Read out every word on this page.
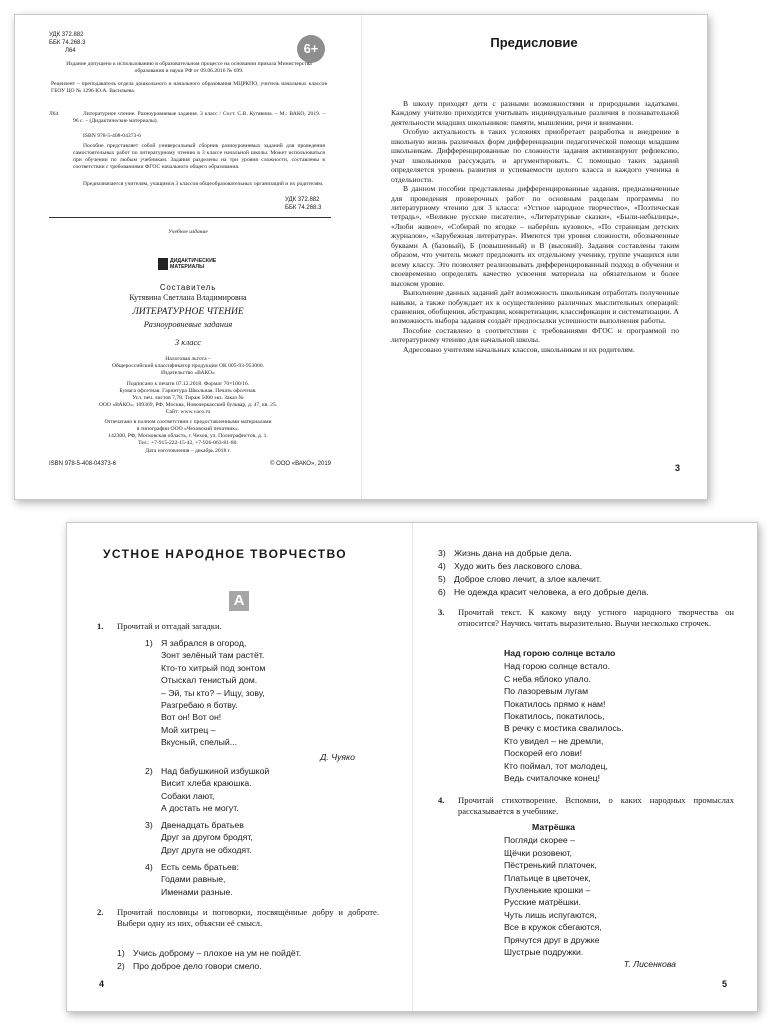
УДК 372.882
ББК 74.268.3
Л64	6+
Издание допущено к использованию в образовательном процессе на основании приказа Министерства образования и науки РФ от 09.06.2016 № 699.
Рецензент – преподаватель отдела дошкольного и начального образования МЦРКПО, учитель начальных классов ГБОУ ЦО № 1296 Ю.А. Васильева.
Л64	Литературное чтение. Разноуровневые задания. 3 класс / Сост. С.В. Кутявина. – М.: ВАКО, 2019. – 96 с. – (Дидактические материалы).
ISBN 978-5-408-04373-6
Пособие представляет собой универсальный сборник разноуровневых заданий для проведения самостоятельных работ по литературному чтению в 3 классе начальной школы. Может использоваться при обучении по любым учебникам. Задания разделены на три уровня сложности, составлены в соответствии с требованиями ФГОС начального общего образования.
Предназначается учителям, учащимся 3 классов общеобразовательных организаций и их родителям.
УДК 372.882
ББК 74.268.3
Учебное издание
ДИДАКТИЧЕСКИЕ
МАТЕРИАЛЫ
Составитель
Кутявина Светлана Владимировна
ЛИТЕРАТУРНОЕ ЧТЕНИЕ
Разноуровневые задания
3 класс
Налоговая льгота –
Общероссийский классификатор продукции ОК 005-93-953000.
Издательство «ВАКО»
Подписано к печати 07.12.2018. Формат 70×100/16.
Бумага офсетная. Гарнитура Школьная. Печать офсетная.
Усл. печ. листов 7,78. Тираж 5000 экз. Заказ №
ООО «ВАКО». 109369, РФ, Москва, Новочеркасский бульвар, д. 47, кв. 25.
Сайт: www.vaco.ru
Отпечатано в полном соответствии с предоставленными материалами
в типографии ООО «Чеховский печатник».
142300, РФ, Московская область, г. Чехов, ул. Полиграфистов, д. 1.
Тел.: +7-915-222-15-42, +7-926-063-81-80.
Дата изготовления – декабрь 2018 г.
ISBN 978-5-408-04373-6	© ООО «ВАКО», 2019
Предисловие

В школу приходят дети с разными возможностями и природными задатками. Каждому учителю приходится учитывать индивидуальные различия в познавательной деятельности младших школьников: памяти, мышлении, речи и внимании.

Особую актуальность в таких условиях приобретает разработка и внедрение в школьную жизнь различных форм дифференциации педагогической помощи младшим школьникам. Дифференцированные по сложности задания активизируют рефлексию, учат школьников рассуждать и аргументировать. С помощью таких заданий определяется уровень развития и успеваемости целого класса и каждого ученика в отдельности.

В данном пособии представлены дифференцированные задания, предназначенные для проведения проверочных работ по основным разделам программы по литературному чтению для 3 класса: «Устное народное творчество», «Поэтическая тетрадь», «Великие русские писатели», «Литературные сказки», «Были-небылицы», «Люби живое», «Собирай по ягодке – наберёшь кузовок», «По страницам детских журналов», «Зарубежная литература». Имеются три уровня сложности, обозначенные буквами А (базовый), Б (повышенный) и В (высокий). Задания составлены таким образом, что учитель может предложить их отдельному ученику, группе учащихся или всему классу. Это позволяет реализовывать дифференцированный подход в обучении и своевременно определять качество усвоения материала на обязательном и более высоком уровне.

Выполнение данных заданий даёт возможность школьникам отработать полученные навыки, а также побуждает их к осуществлению различных мыслительных операций: сравнения, обобщения, абстракции, конкретизации, классификации и систематизации. А возможность выбора задания создаёт предпосылки успешности выполнения работы.

Пособие составлено в соответствии с требованиями ФГОС и программой по литературному чтению для начальной школы.

Адресовано учителям начальных классов, школьникам и их родителям.

3
УСТНОЕ НАРОДНОЕ ТВОРЧЕСТВО
А
1. Прочитай и отгадай загадки.
1) Я забрался в огород,
Зонт зелёный там растёт.
Кто-то хитрый под зонтом
Отыскал тенистый дом.
– Эй, ты кто? – Ищу, зову,
Разгребаю я ботву.
Вот он! Вот он!
Мой хитрец –
Вкусный, спелый...
Д. Чуяко
2) Над бабушкиной избушкой
Висит хлеба краюшка.
Собаки лают,
А достать не могут.
3) Двенадцать братьев
Друг за другом бродят,
Друг друга не обходят.
4) Есть семь братьев:
Годами равные,
Именами разные.
2. Прочитай пословицы и поговорки, посвящённые добру и доброте. Выбери одну из них, объясни её смысл.
1) Учись доброму – плохое на ум не пойдёт.
2) Про доброе дело говори смело.
4
3) Жизнь дана на добрые дела.
4) Худо жить без ласкового слова.
5) Доброе слово лечит, а злое калечит.
6) Не одежда красит человека, а его добрые дела.
3. Прочитай текст. К какому виду устного народного творчества он относится? Научись читать выразительно. Выучи несколько строчек.
Над горою солнце встало
Над горою солнце встало.
С неба яблоко упало.
По лазоревым лугам
Покатилось прямо к нам!
Покатилось, покатилось,
В речку с мостика свалилось.
Кто увидел – не дремли,
Поскорей его лови!
Кто поймал, тот молодец,
Ведь считалочке конец!
4. Прочитай стихотворение. Вспомни, о каких народных промыслах рассказывается в учебнике.
Матрёшка
Погляди скорее –
Щёчки розовеют,
Пёстренький платочек,
Платьице в цветочек,
Пухленькие крошки –
Русские матрёшки.
Чуть лишь испугаются,
Все в кружок сбегаются,
Прячутся друг в дружке
Шустрые подружки.
Т. Лисенкова
5
